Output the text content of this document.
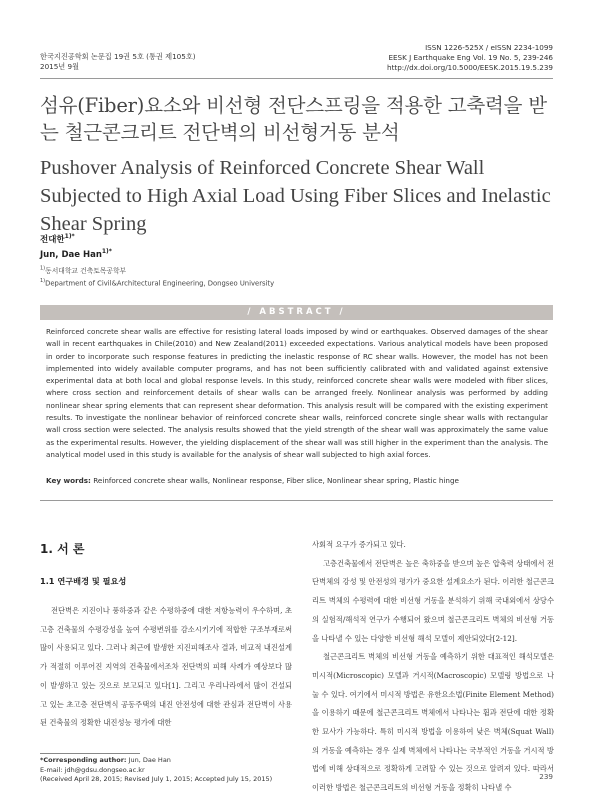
한국지진공학회 논문집 19권 5호 (통권 제105호)
2015년 9월
ISSN 1226-525X / eISSN 2234-1099
EESK J Earthquake Eng Vol. 19 No. 5, 239-246
http://dx.doi.org/10.5000/EESK.2015.19.5.239
섬유(Fiber)요소와 비선형 전단스프링을 적용한 고축력을 받는 철근콘크리트 전단벽의 비선형거동 분석
Pushover Analysis of Reinforced Concrete Shear Wall Subjected to High Axial Load Using Fiber Slices and Inelastic Shear Spring
전대한$^{1)*}$
Jun, Dae Han$^{1)*}$
$^{1)}$동서대학교 건축토목공학부
$^{1)}$Department of Civil&Architectural Engineering, Dongseo University
/ ABSTRACT /
Reinforced concrete shear walls are effective for resisting lateral loads imposed by wind or earthquakes. Observed damages of the shear wall in recent earthquakes in Chile(2010) and New Zealand(2011) exceeded expectations. Various analytical models have been proposed in order to incorporate such response features in predicting the inelastic response of RC shear walls. However, the model has not been implemented into widely available computer programs, and has not been sufficiently calibrated with and validated against extensive experimental data at both local and global response levels. In this study, reinforced concrete shear walls were modeled with fiber slices, where cross section and reinforcement details of shear walls can be arranged freely. Nonlinear analysis was performed by adding nonlinear shear spring elements that can represent shear deformation. This analysis result will be compared with the existing experiment results. To investigate the nonlinear behavior of reinforced concrete shear walls, reinforced concrete single shear walls with rectangular wall cross section were selected. The analysis results showed that the yield strength of the shear wall was approximately the same value as the experimental results. However, the yielding displacement of the shear wall was still higher in the experiment than the analysis. The analytical model used in this study is available for the analysis of shear wall subjected to high axial forces.
Key words: Reinforced concrete shear walls, Nonlinear response, Fiber slice, Nonlinear shear spring, Plastic hinge
1. 서 론
1.1 연구배경 및 필요성
전단벽은 지진이나 풍하중과 같은 수평하중에 대한 저항능력이 우수하며, 초고층 건축물의 수평강성을 높여 수평변위를 감소시키기에 적합한 구조부재로써 많이 사용되고 있다. 그러나 최근에 발생한 지진피해조사 결과, 비교적 내진설계가 적절히 이루어진 지역의 건축물에서조차 전단벽의 피해 사례가 예상보다 많이 발생하고 있는 것으로 보고되고 있다[1]. 그리고 우리나라에서 많이 건설되고 있는 초고층 전단벽식 공동주택의 내진 안전성에 대한 관심과 전단벽이 사용된 건축물의 정확한 내진성능 평가에 대한
사회적 요구가 증가되고 있다.
고층건축물에서 전단벽은 높은 축하중을 받으며 높은 압축력 상태에서 전단벽체의 강성 및 안전성의 평가가 중요한 설계요소가 된다. 이러한 철근콘크리트 벽체의 수평력에 대한 비선형 거동을 분석하기 위해 국내외에서 상당수의 실험적/해석적 연구가 수행되어 왔으며 철근콘크리트 벽체의 비선형 거동을 나타낼 수 있는 다양한 비선형 해석 모델이 제안되었다[2-12].
철근콘크리트 벽체의 비선형 거동을 예측하기 위한 대표적인 해석모델은 미시적(Microscopic) 모델과 거시적(Macroscopic) 모델링 방법으로 나눌 수 있다. 여기에서 미시적 방법은 유한요소법(Finite Element Method)을 이용하기 때문에 철근콘크리트 벽체에서 나타나는 휨과 전단에 대한 정확한 묘사가 가능하다. 특히 미시적 방법을 이용하여 낮은 벽체(Squat Wall)의 거동을 예측하는 경우 실제 벽체에서 나타나는 국부적인 거동을 거시적 방법에 비해 상대적으로 정확하게 고려할 수 있는 것으로 알려져 있다. 따라서 이러한 방법은 철근콘크리트의 비선형 거동을 정확히 나타낼 수
*Corresponding author: Jun, Dae Han
E-mail: jdh@gdsu.dongseo.ac.kr
(Received April 28, 2015; Revised July 1, 2015; Accepted July 15, 2015)	239
